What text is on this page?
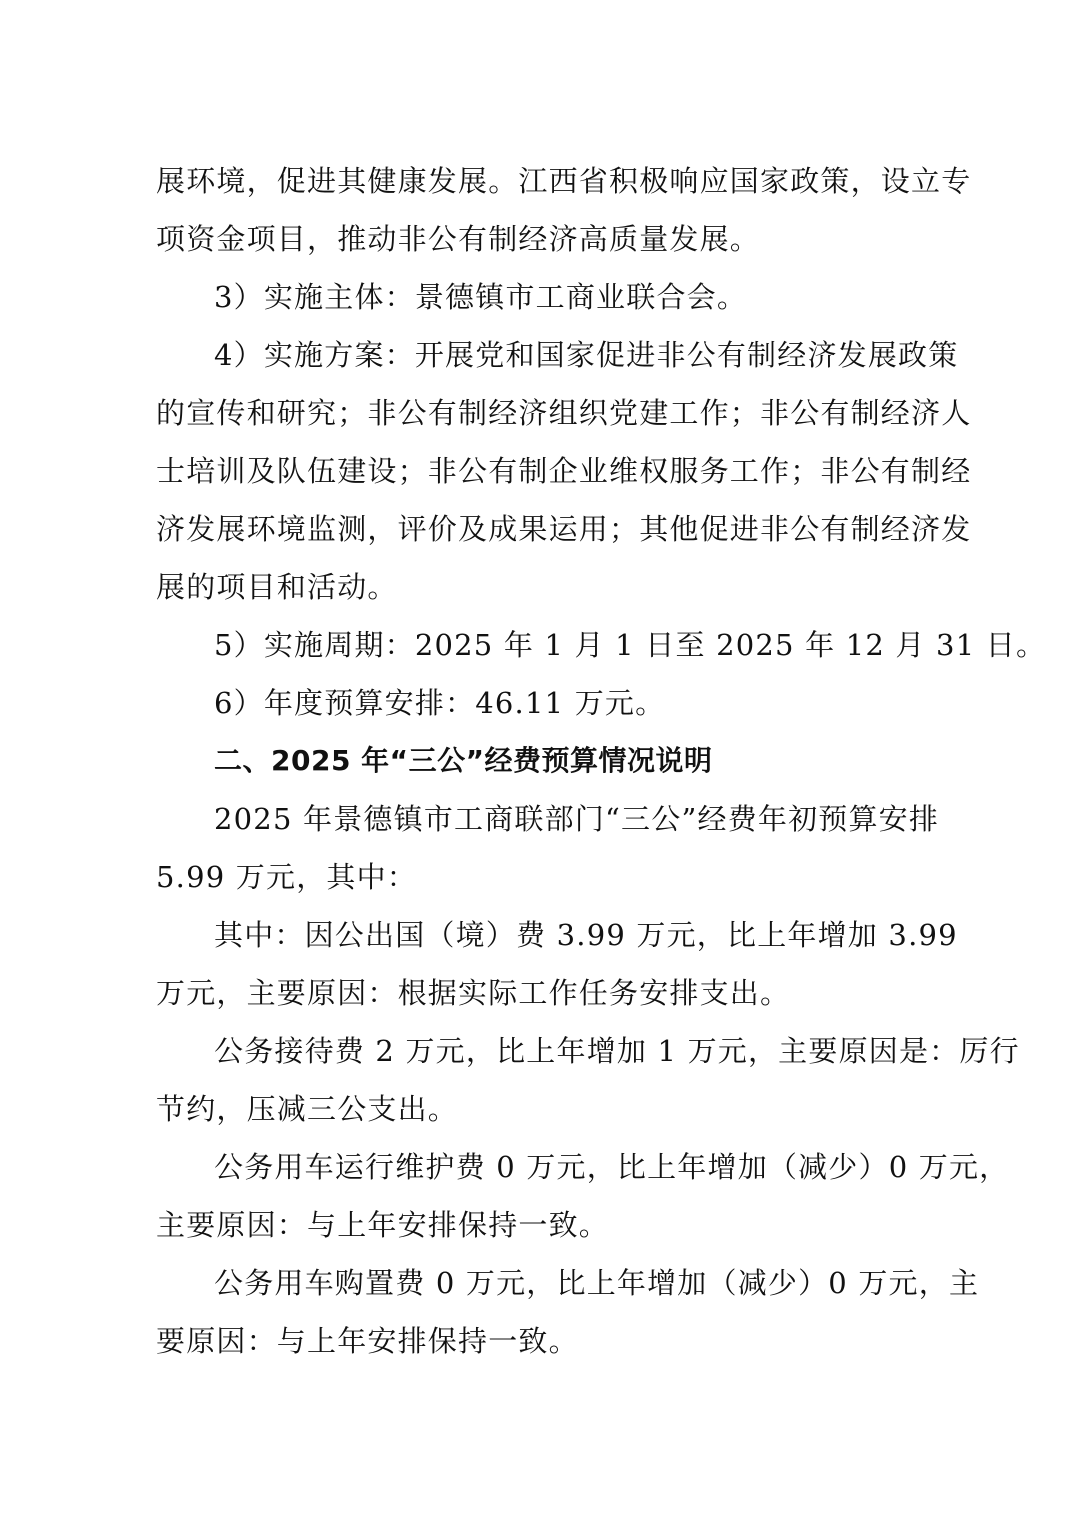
展环境，促进其健康发展。江西省积极响应国家政策，设立专
项资金项目，推动非公有制经济高质量发展。
3）实施主体：景德镇市工商业联合会。
4）实施方案：开展党和国家促进非公有制经济发展政策
的宣传和研究；非公有制经济组织党建工作；非公有制经济人
士培训及队伍建设；非公有制企业维权服务工作；非公有制经
济发展环境监测，评价及成果运用；其他促进非公有制经济发
展的项目和活动。
5）实施周期：2025 年 1 月 1 日至 2025 年 12 月 31 日。
6）年度预算安排：46.11 万元。
二、2025 年“三公”经费预算情况说明
2025 年景德镇市工商联部门“三公”经费年初预算安排
5.99 万元，其中：
其中：因公出国（境）费 3.99 万元，比上年增加 3.99
万元，主要原因：根据实际工作任务安排支出。
公务接待费 2 万元，比上年增加 1 万元，主要原因是：厉行
节约，压减三公支出。
公务用车运行维护费 0 万元，比上年增加（减少）0 万元，
主要原因：与上年安排保持一致。
公务用车购置费 0 万元，比上年增加（减少）0 万元，主
要原因：与上年安排保持一致。
